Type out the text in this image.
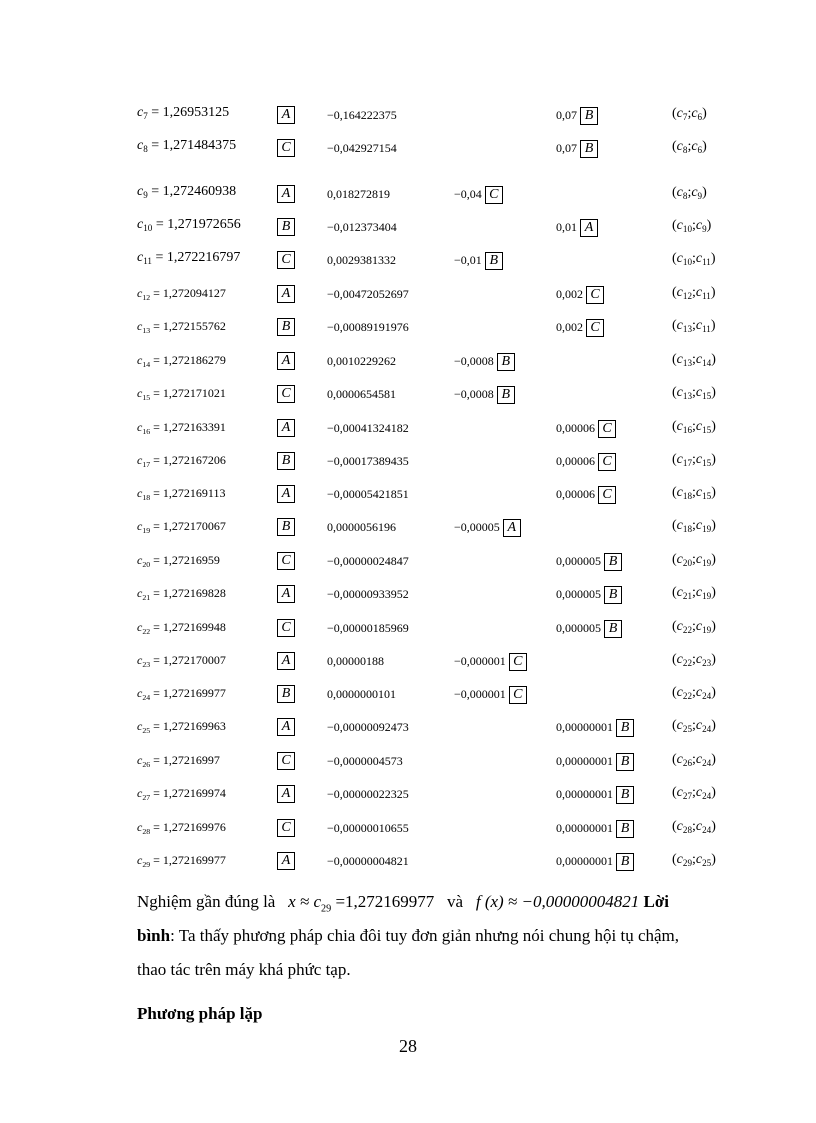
$c_7 = 1,26953125$	A	−0,164222375	0,07 B	$(c_7;c_6)$
$c_8 = 1,271484375$	C	−0,042927154	0,07 B	$(c_8;c_6)$
$c_9 = 1,272460938$	A	0,018272819	−0,04 C	$(c_8;c_9)$
$c_{10} = 1,271972656$	B	−0,012373404	0,01 A	$(c_{10};c_9)$
$c_{11} = 1,272216797$	C	0,0029381332	−0,01 B	$(c_{10};c_{11})$
$c_{12} = 1,272094127$	A	−0,00472052697	0,002 C	$(c_{12};c_{11})$
$c_{13} = 1,272155762$	B	−0,00089191976	0,002 C	$(c_{13};c_{11})$
$c_{14} = 1,272186279$	A	0,0010229262	−0,0008 B	$(c_{13};c_{14})$
$c_{15} = 1,272171021$	C	0,0000654581	−0,0008 B	$(c_{13};c_{15})$
$c_{16} = 1,272163391$	A	−0,00041324182	0,00006 C	$(c_{16};c_{15})$
$c_{17} = 1,272167206$	B	−0,00017389435	0,00006 C	$(c_{17};c_{15})$
$c_{18} = 1,272169113$	A	−0,00005421851	0,00006 C	$(c_{18};c_{15})$
$c_{19} = 1,272170067$	B	0,0000056196	−0,00005 A	$(c_{18};c_{19})$
$c_{20} = 1,27216959$	C	−0,00000024847	0,000005 B	$(c_{20};c_{19})$
$c_{21} = 1,272169828$	A	−0,00000933952	0,000005 B	$(c_{21};c_{19})$
$c_{22} = 1,272169948$	C	−0,00000185969	0,000005 B	$(c_{22};c_{19})$
$c_{23} = 1,272170007$	A	0,00000188	−0,000001 C	$(c_{22};c_{23})$
$c_{24} = 1,272169977$	B	0,0000000101	−0,000001 C	$(c_{22};c_{24})$
$c_{25} = 1,272169963$	A	−0,00000092473	0,00000001 B	$(c_{25};c_{24})$
$c_{26} = 1,27216997$	C	−0,0000004573	0,00000001 B	$(c_{26};c_{24})$
$c_{27} = 1,272169974$	A	−0,00000022325	0,00000001 B	$(c_{27};c_{24})$
$c_{28} = 1,272169976$	C	−0,00000010655	0,00000001 B	$(c_{28};c_{24})$
$c_{29} = 1,272169977$	A	−0,00000004821	0,00000001 B	$(c_{29};c_{25})$
Nghiệm gần đúng là $x \approx c_{29} =1,272169977$ và f (x) ≈ −0,00000004821 Lời
bình: Ta thấy phương pháp chia đôi tuy đơn giản nhưng nói chung hội tụ chậm,
thao tác trên máy khá phức tạp.
Phương pháp lặp
28
